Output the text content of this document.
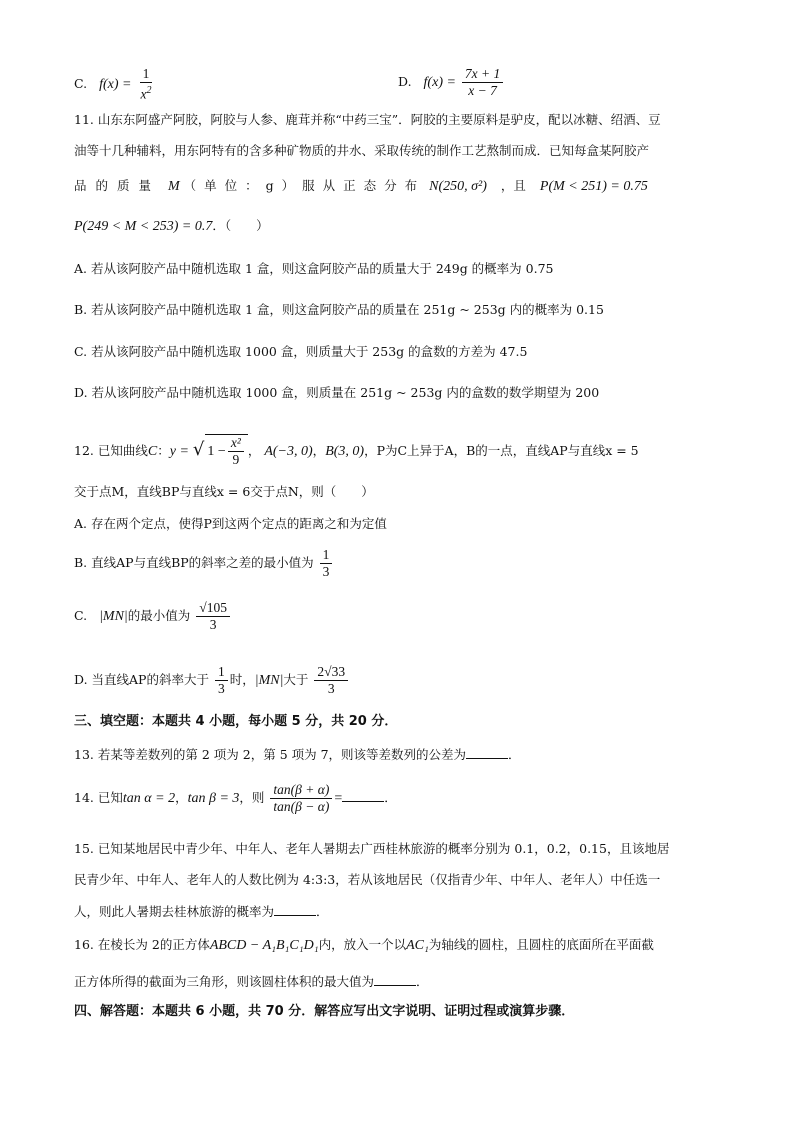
C. $f(x) = \frac{1}{x^2}$	D. $f(x) = \frac{7x + 1}{x - 7}$
11. 山东东阿盛产阿胶，阿胶与人参、鹿茸并称“中药三宝”．阿胶的主要原料是驴皮，配以冰糖、绍酒、豆
油等十几种辅料，用东阿特有的含多种矿物质的井水、采取传统的制作工艺熬制而成．已知每盒某阿胶产
品的质量 M （单位：g）服从正态分布 N(250, σ²) ，且 P(M < 251) = 0.75
P(249 < M < 253) = 0.7．（　　）
A. 若从该阿胶产品中随机选取 1 盒，则这盒阿胶产品的质量大于 249g 的概率为 0.75
B. 若从该阿胶产品中随机选取 1 盒，则这盒阿胶产品的质量在 251g ~ 253g 内的概率为 0.15
C. 若从该阿胶产品中随机选取 1000 盒，则质量大于 253g 的盒数的方差为 47.5
D. 若从该阿胶产品中随机选取 1000 盒，则质量在 251g ~ 253g 内的盒数的数学期望为 200
12. 已知曲线C：y = √ $1 - \frac{\text{x²}}{9}$ ， A(−3, 0)，B(3, 0)，P为C上异于A，B的一点，直线AP与直线x = 5
交于点M，直线BP与直线x = 6交于点N，则（　　）
A. 存在两个定点，使得P到这两个定点的距离之和为定值
B. 直线AP与直线BP的斜率之差的最小值为 $\frac{1}{3}$
C. |MN|的最小值为 $\frac{√105}{3}$
D. 当直线AP的斜率大于 $\frac{1}{3}$ 时，|MN|大于 $\frac{2√33}{3}$
三、填空题：本题共 4 小题，每小题 5 分，共 20 分．
13. 若某等差数列的第 2 项为 2，第 5 项为 7，则该等差数列的公差为	．
14. 已知tan α = 2，tan β = 3，则 $\frac{\tan(\beta + \alpha)}{\tan(\beta - \alpha)}$ =	．
15. 已知某地居民中青少年、中年人、老年人暑期去广西桂林旅游的概率分别为 0.1，0.2，0.15，且该地居
民青少年、中年人、老年人的人数比例为 4:3:3，若从该地居民（仅指青少年、中年人、老年人）中任选一
人，则此人暑期去桂林旅游的概率为	．
16. 在棱长为 2的正方体ABCD − A₁B₁C₁D₁内，放入一个以AC₁为轴线的圆柱，且圆柱的底面所在平面截
正方体所得的截面为三角形，则该圆柱体积的最大值为	．
四、解答题：本题共 6 小题，共 70 分．解答应写出文字说明、证明过程或演算步骤．
